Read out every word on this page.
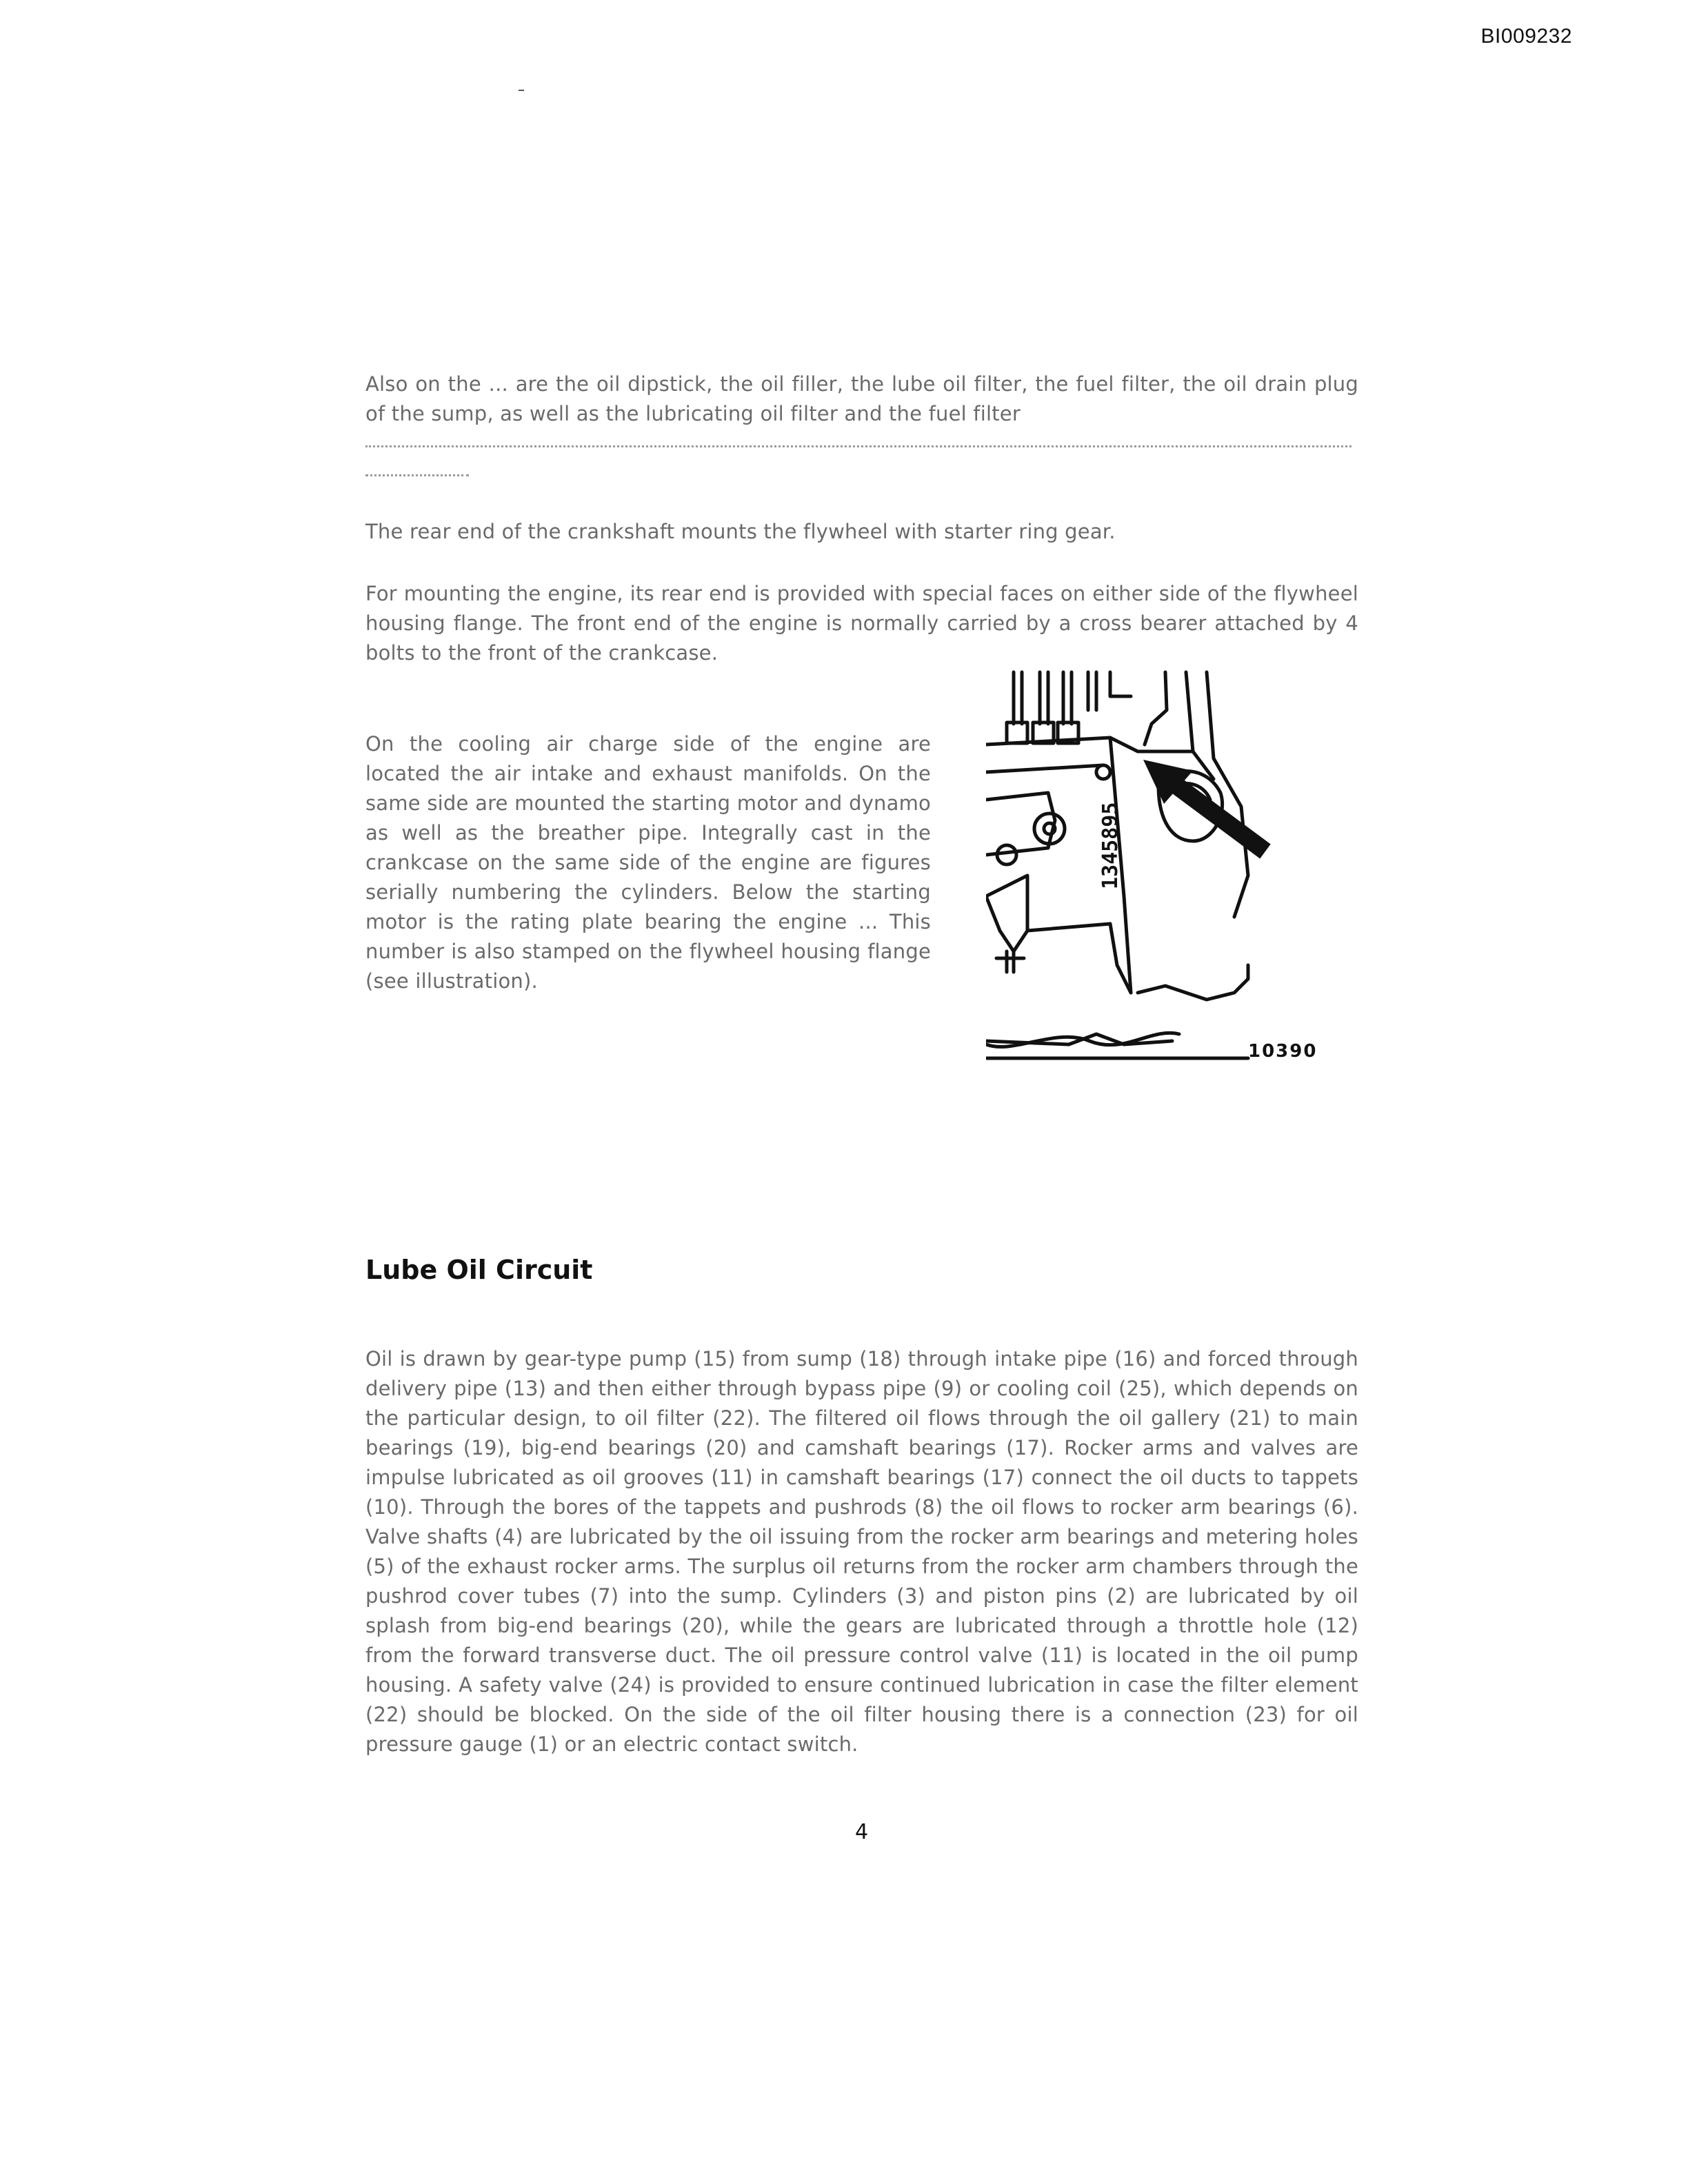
BI009232

Also on the ... are the oil dipstick, the oil filler, the lube oil filter, the fuel filter, the oil drain plug of the sump, as well as the lubricating oil filter and the fuel filter

The rear end of the crankshaft mounts the flywheel with starter ring gear.

For mounting the engine, its rear end is provided with special faces on either side of the flywheel housing flange. The front end of the engine is normally carried by a cross bearer attached by 4 bolts to the front of the crankcase.

On the cooling air charge side of the engine are located the air intake and exhaust manifolds. On the same side are mounted the starting motor and dynamo as well as the breather pipe. Integrally cast in the crankcase on the same side of the engine are figures serially numbering the cylinders. Below the starting motor is the rating plate bearing the engine ... This number is also stamped on the flywheel housing flange (see illustration).

1345895
10390
Lube Oil Circuit

Oil is drawn by gear-type pump (15) from sump (18) through intake pipe (16) and forced through delivery pipe (13) and then either through bypass pipe (9) or cooling coil (25), which depends on the particular design, to oil filter (22). The filtered oil flows through the oil gallery (21) to main bearings (19), big-end bearings (20) and camshaft bearings (17). Rocker arms and valves are impulse lubricated as oil grooves (11) in camshaft bearings (17) connect the oil ducts to tappets (10). Through the bores of the tappets and pushrods (8) the oil flows to rocker arm bearings (6). Valve shafts (4) are lubricated by the oil issuing from the rocker arm bearings and metering holes (5) of the exhaust rocker arms. The surplus oil returns from the rocker arm chambers through the pushrod cover tubes (7) into the sump. Cylinders (3) and piston pins (2) are lubricated by oil splash from big-end bearings (20), while the gears are lubricated through a throttle hole (12) from the forward transverse duct. The oil pressure control valve (11) is located in the oil pump housing. A safety valve (24) is provided to ensure continued lubrication in case the filter element (22) should be blocked. On the side of the oil filter housing there is a connection (23) for oil pressure gauge (1) or an electric contact switch.

4
